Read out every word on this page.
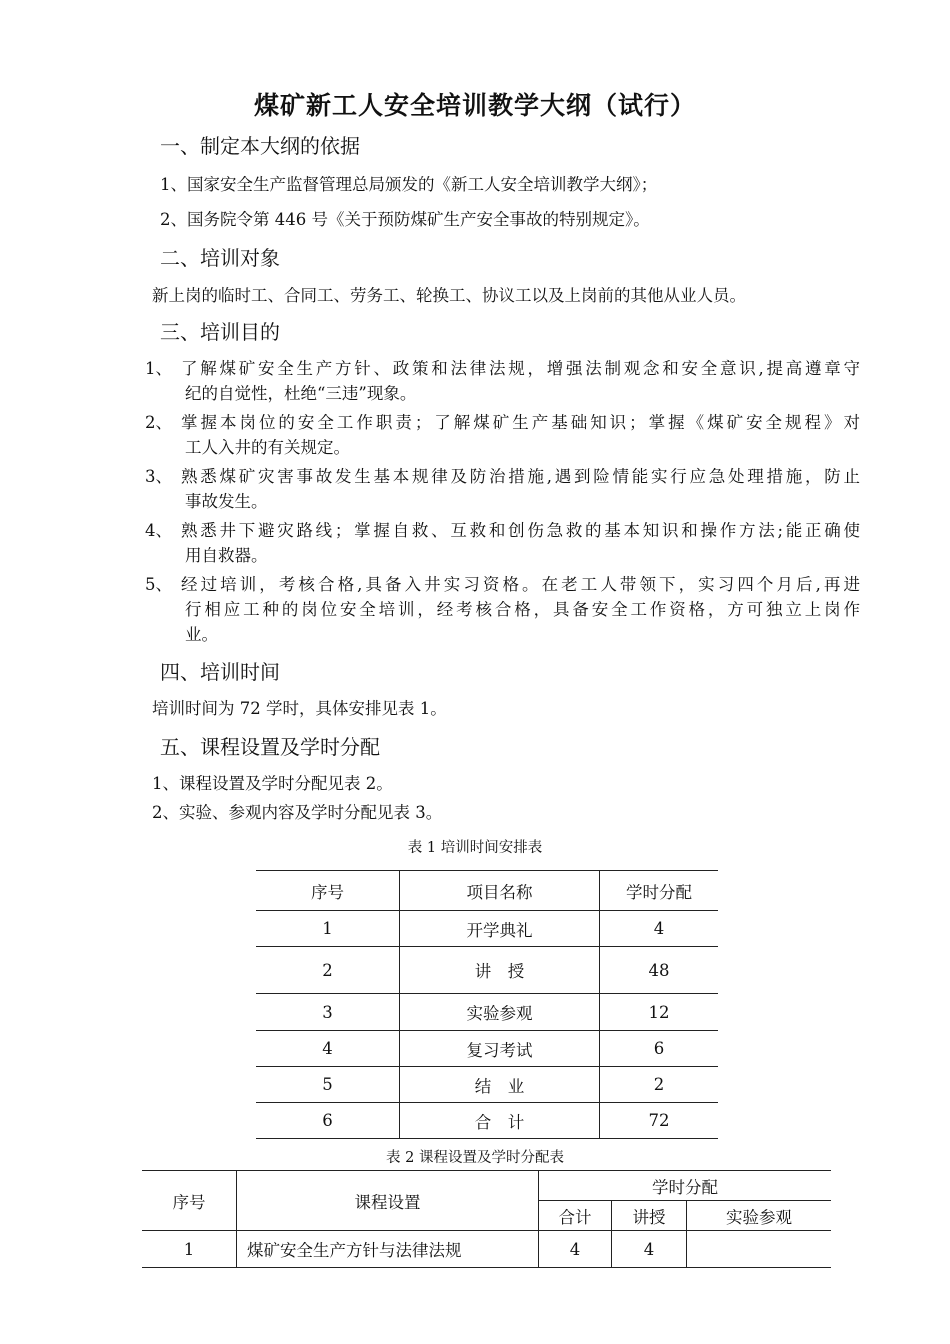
煤矿新工人安全培训教学大纲（试行）
一、制定本大纲的依据
1、国家安全生产监督管理总局颁发的《新工人安全培训教学大纲》；
2、国务院令第 446 号《关于预防煤矿生产安全事故的特别规定》。
二、培训对象
新上岗的临时工、合同工、劳务工、轮换工、协议工以及上岗前的其他从业人员。
三、培训目的
1、 了解煤矿安全生产方针、政策和法律法规，增强法制观念和安全意识,提高遵章守
纪的自觉性，杜绝“三违”现象。
2、 掌握本岗位的安全工作职责；了解煤矿生产基础知识；掌握《煤矿安全规程》对
工人入井的有关规定。
3、 熟悉煤矿灾害事故发生基本规律及防治措施,遇到险情能实行应急处理措施，防止
事故发生。
4、 熟悉井下避灾路线；掌握自救、互救和创伤急救的基本知识和操作方法;能正确使
用自救器。
5、 经过培训，考核合格,具备入井实习资格。在老工人带领下，实习四个月后,再进
行相应工种的岗位安全培训，经考核合格，具备安全工作资格，方可独立上岗作
业。
四、培训时间
培训时间为 72 学时，具体安排见表 1。
五、课程设置及学时分配
1、课程设置及学时分配见表 2。
2、实验、参观内容及学时分配见表 3。
表 1 培训时间安排表
序号	项目名称	学时分配
1	开学典礼	4
2	讲　授	48
3	实验参观	12
4	复习考试	6
5	结　业	2
6	合　计	72
表 2 课程设置及学时分配表
序号	课程设置	学时分配		
		合计	讲授	实验参观
1	煤矿安全生产方针与法律法规	4	4	
